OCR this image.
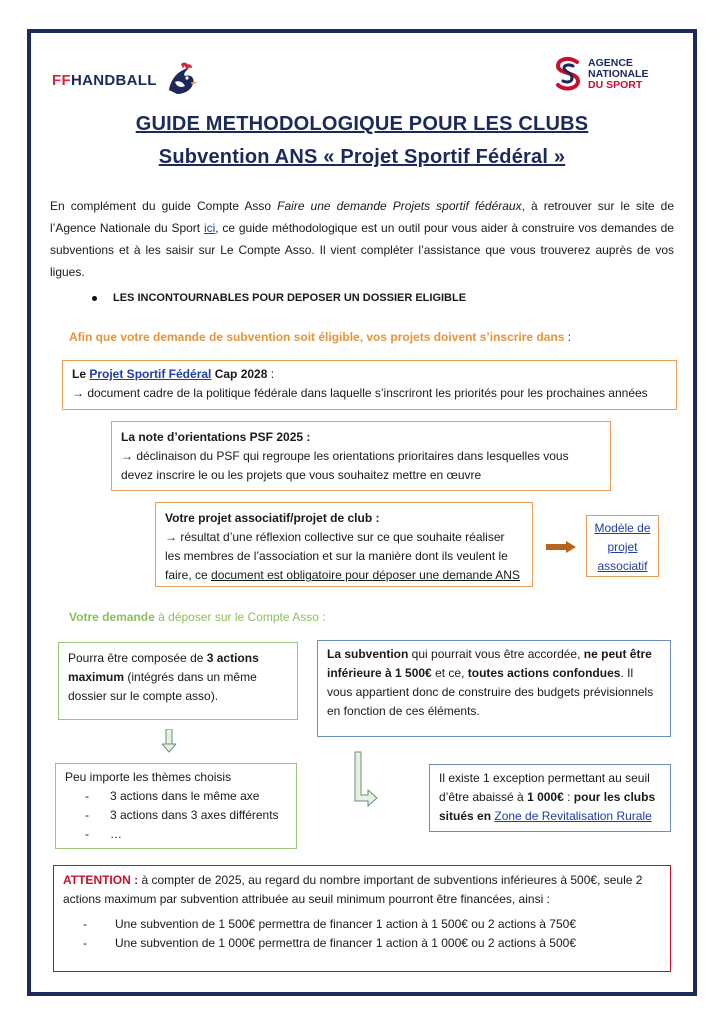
FF HANDBALL
AGENCE
NATIONALE
DU SPORT
GUIDE METHODOLOGIQUE POUR LES CLUBS
Subvention ANS « Projet Sportif Fédéral »

En complément du guide Compte Asso Faire une demande Projets sportif fédéraux, à retrouver sur le site de l’Agence Nationale du Sport ici, ce guide méthodologique est un outil pour vous aider à construire vos demandes de subventions et à les saisir sur Le Compte Asso. Il vient compléter l’assistance que vous trouverez auprès de vos ligues.

LES INCONTOURNABLES POUR DEPOSER UN DOSSIER ELIGIBLE
Afin que votre demande de subvention soit éligible, vos projets doivent s’inscrire dans :
Le Projet Sportif Fédéral Cap 2028 :
→ document cadre de la politique fédérale dans laquelle s’inscriront les priorités pour les prochaines années
La note d’orientations PSF 2025 :
→ déclinaison du PSF qui regroupe les orientations prioritaires dans lesquelles vous devez inscrire le ou les projets que vous souhaitez mettre en œuvre
Votre projet associatif/projet de club :
→ résultat d’une réflexion collective sur ce que souhaite réaliser les membres de l’association et sur la manière dont ils veulent le faire, ce document est obligatoire pour déposer une demande ANS
Modèle de projet associatif
Votre demande à déposer sur le Compte Asso :
Pourra être composée de 3 actions maximum (intégrés dans un même dossier sur le compte asso).
La subvention qui pourrait vous être accordée, ne peut être inférieure à 1 500€ et ce, toutes actions confondues. Il vous appartient donc de construire des budgets prévisionnels en fonction de ces éléments.
Peu importe les thèmes choisis
- 3 actions dans le même axe
- 3 actions dans 3 axes différents
- …
Il existe 1 exception permettant au seuil d’être abaissé à 1 000€ : pour les clubs situés en Zone de Revitalisation Rurale
ATTENTION : à compter de 2025, au regard du nombre important de subventions inférieures à 500€, seule 2 actions maximum par subvention attribuée au seuil minimum pourront être financées, ainsi :
- Une subvention de 1 500€ permettra de financer 1 action à 1 500€ ou 2 actions à 750€
- Une subvention de 1 000€ permettra de financer 1 action à 1 000€ ou 2 actions à 500€
